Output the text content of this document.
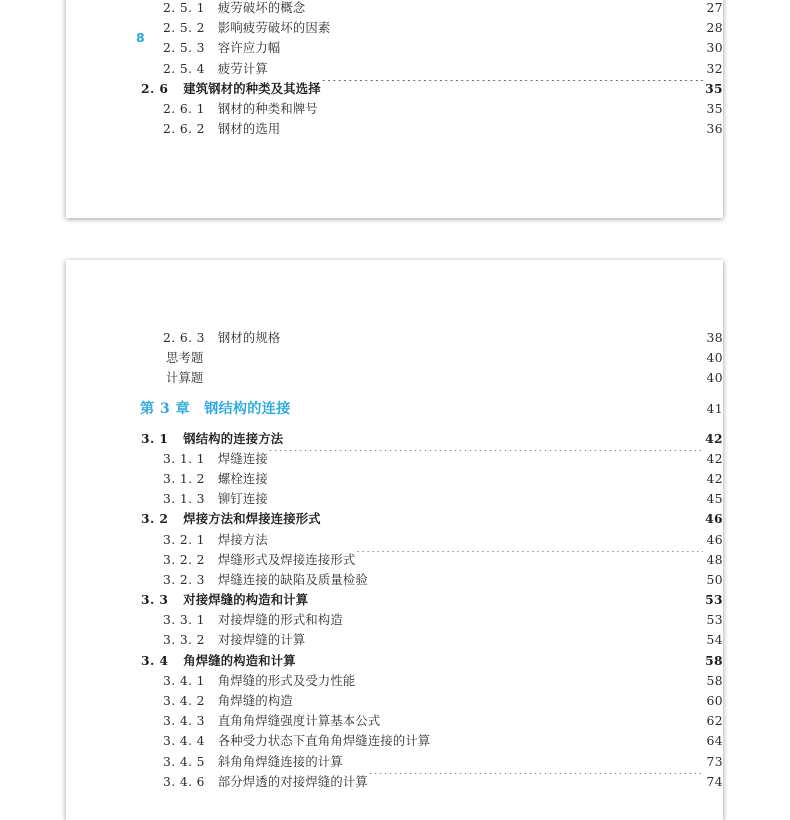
2. 5. 1 疲劳破坏的概念 ·····	27
2. 5. 2 影响疲劳破坏的因素 ·····	28
2. 5. 3 容许应力幅 ·····	30
2. 5. 4 疲劳计算 ·····	32
2. 6 建筑钢材的种类及其选择 ·····	35
2. 6. 1 钢材的种类和牌号 ·····	35
2. 6. 2 钢材的选用 ·····	36
8
2. 6. 3 钢材的规格 ·····	38
思考题 ·····	40
计算题 ·····	40
第 3 章 钢结构的连接 ·····	41
3. 1 钢结构的连接方法 ·····	42
3. 1. 1 焊缝连接 ·····	42
3. 1. 2 螺栓连接 ·····	42
3. 1. 3 铆钉连接 ·····	45
3. 2 焊接方法和焊接连接形式 ·····	46
3. 2. 1 焊接方法 ·····	46
3. 2. 2 焊缝形式及焊接连接形式 ·····	48
3. 2. 3 焊缝连接的缺陷及质量检验 ·····	50
3. 3 对接焊缝的构造和计算 ·····	53
3. 3. 1 对接焊缝的形式和构造 ·····	53
3. 3. 2 对接焊缝的计算 ·····	54
3. 4 角焊缝的构造和计算 ·····	58
3. 4. 1 角焊缝的形式及受力性能 ·····	58
3. 4. 2 角焊缝的构造 ·····	60
3. 4. 3 直角角焊缝强度计算基本公式 ·····	62
3. 4. 4 各种受力状态下直角角焊缝连接的计算 ·····	64
3. 4. 5 斜角角焊缝连接的计算 ·····	73
3. 4. 6 部分焊透的对接焊缝的计算 ·····	74
